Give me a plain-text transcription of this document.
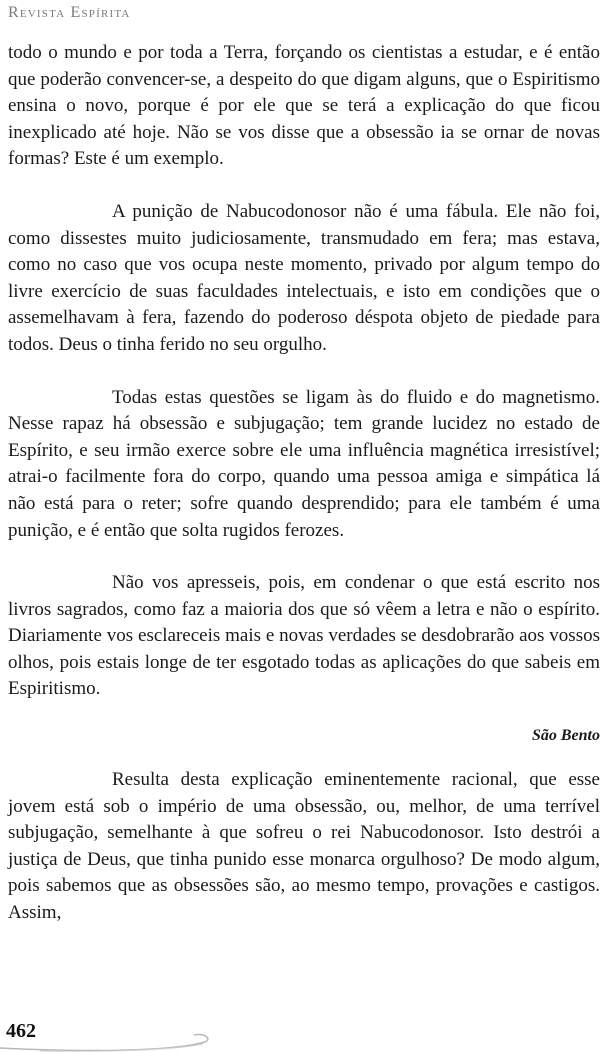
Revista Espírita

todo o mundo e por toda a Terra, forçando os cientistas a estudar, e é então que poderão convencer-se, a despeito do que digam alguns, que o Espiritismo ensina o novo, porque é por ele que se terá a explicação do que ficou inexplicado até hoje. Não se vos disse que a obsessão ia se ornar de novas formas? Este é um exemplo.

A punição de Nabucodonosor não é uma fábula. Ele não foi, como dissestes muito judiciosamente, transmudado em fera; mas estava, como no caso que vos ocupa neste momento, privado por algum tempo do livre exercício de suas faculdades intelectuais, e isto em condições que o assemelhavam à fera, fazendo do poderoso déspota objeto de piedade para todos. Deus o tinha ferido no seu orgulho.

Todas estas questões se ligam às do fluido e do magnetismo. Nesse rapaz há obsessão e subjugação; tem grande lucidez no estado de Espírito, e seu irmão exerce sobre ele uma influência magnética irresistível; atrai-o facilmente fora do corpo, quando uma pessoa amiga e simpática lá não está para o reter; sofre quando desprendido; para ele também é uma punição, e é então que solta rugidos ferozes.

Não vos apresseis, pois, em condenar o que está escrito nos livros sagrados, como faz a maioria dos que só vêem a letra e não o espírito. Diariamente vos esclareceis mais e novas verdades se desdobrarão aos vossos olhos, pois estais longe de ter esgotado todas as aplicações do que sabeis em Espiritismo.

São Bento

Resulta desta explicação eminentemente racional, que esse jovem está sob o império de uma obsessão, ou, melhor, de uma terrível subjugação, semelhante à que sofreu o rei Nabucodonosor. Isto destrói a justiça de Deus, que tinha punido esse monarca orgulhoso? De modo algum, pois sabemos que as obsessões são, ao mesmo tempo, provações e castigos. Assim,

462
